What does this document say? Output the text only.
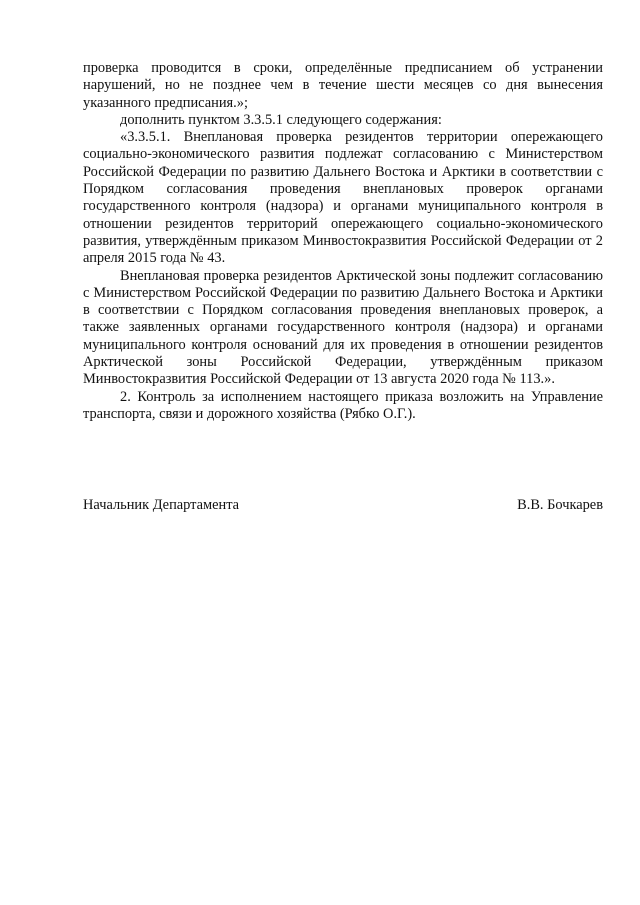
проверка проводится в сроки, определённые предписанием об устранении нарушений, но не позднее чем в течение шести месяцев со дня вынесения указанного предписания.»;

дополнить пунктом 3.3.5.1 следующего содержания:

«3.3.5.1. Внеплановая проверка резидентов территории опережающего социально-экономического развития подлежат согласованию с Министерством Российской Федерации по развитию Дальнего Востока и Арктики в соответствии с Порядком согласования проведения внеплановых проверок органами государственного контроля (надзора) и органами муниципального контроля в отношении резидентов территорий опережающего социально-экономического развития, утверждённым приказом Минвостокразвития Российской Федерации от 2 апреля 2015 года № 43.

Внеплановая проверка резидентов Арктической зоны подлежит согласованию с Министерством Российской Федерации по развитию Дальнего Востока и Арктики в соответствии с Порядком согласования проведения внеплановых проверок, а также заявленных органами государственного контроля (надзора) и органами муниципального контроля оснований для их проведения в отношении резидентов Арктической зоны Российской Федерации, утверждённым приказом Минвостокразвития Российской Федерации от 13 августа 2020 года № 113.».

2. Контроль за исполнением настоящего приказа возложить на Управление транспорта, связи и дорожного хозяйства (Рябко О.Г.).

Начальник Департамента	В.В. Бочкарев
